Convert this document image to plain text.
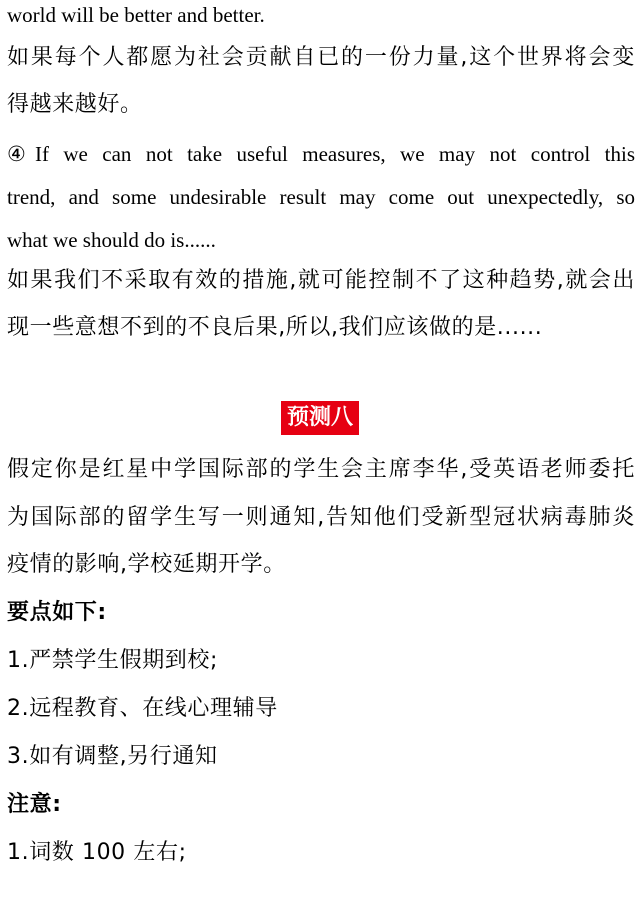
world will be better and better.
如果每个人都愿为社会贡献自已的一份力量,这个世界将会变
得越来越好。
④If we can not take useful measures, we may not control this
trend, and some undesirable result may come out unexpectedly, so
what we should do is......
如果我们不采取有效的措施,就可能控制不了这种趋势,就会出
现一些意想不到的不良后果,所以,我们应该做的是......
预测八
假定你是红星中学国际部的学生会主席李华,受英语老师委托
为国际部的留学生写一则通知,告知他们受新型冠状病毒肺炎
疫情的影响,学校延期开学。
要点如下:
1.严禁学生假期到校;
2.远程教育、在线心理辅导
3.如有调整,另行通知
注意:
1.词数 100 左右;
